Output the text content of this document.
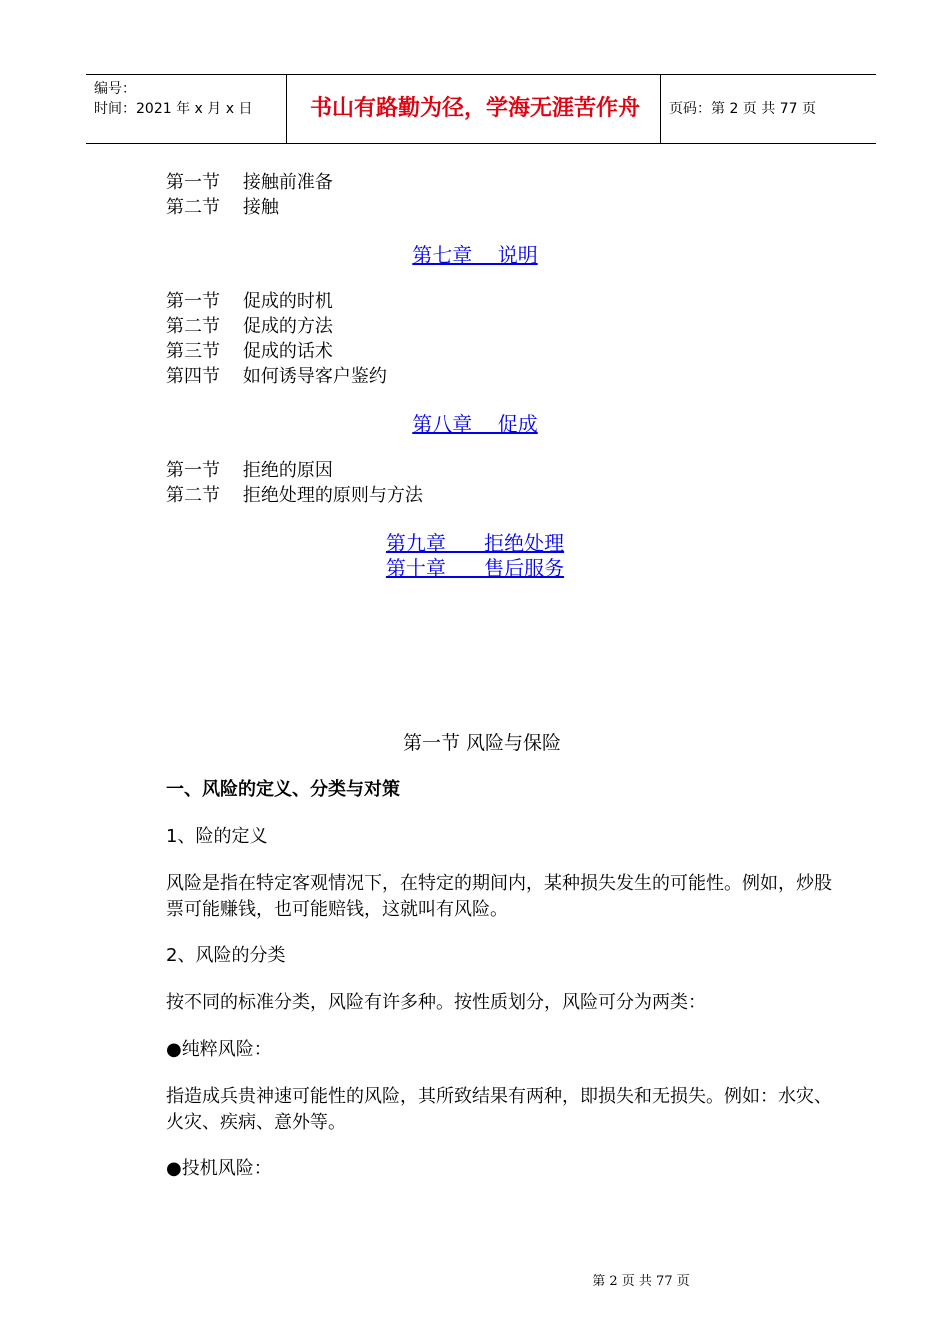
编号：
时间：2021 年 x 月 x 日	书山有路勤为径，学海无涯苦作舟	页码：第 2 页 共 77 页
第一节    接触前准备
第二节    接触
第七章    说明
第一节    促成的时机
第二节    促成的方法
第三节    促成的话术
第四节    如何诱导客户鉴约
第八章    促成
第一节    拒绝的原因
第二节    拒绝处理的原则与方法
第九章      拒绝处理
第十章      售后服务
第一节 风险与保险
一、风险的定义、分类与对策
1、险的定义
风险是指在特定客观情况下，在特定的期间内，某种损失发生的可能性。例如，炒股票可能赚钱，也可能赔钱，这就叫有风险。
2、风险的分类
按不同的标准分类，风险有许多种。按性质划分，风险可分为两类：
●纯粹风险：
指造成兵贵神速可能性的风险，其所致结果有两种，即损失和无损失。例如：水灾、火灾、疾病、意外等。
●投机风险：
第 2 页 共 77 页
